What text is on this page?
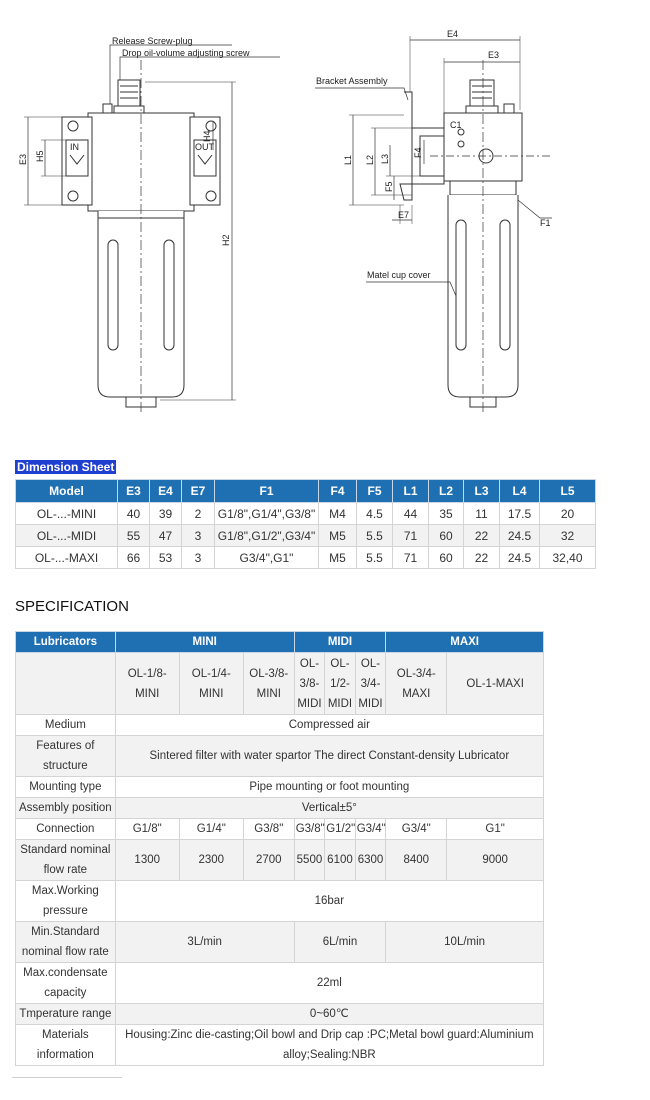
Release Screw-plug
Drop oil-volume adjusting screw
IN	OUT
E3 H5
H4
H2
Bracket Assembly
Matel cup cover
E4
E3
C1
L1 L2 L3
F4
F5
E7
F1
Dimension Sheet
Model	E3	E4	E7	F1	F4	F5	L1	L2	L3	L4	L5
OL-...-MINI	40	39	2	G1/8",G1/4",G3/8"	M4	4.5	44	35	11	17.5	20
OL-...-MIDI	55	47	3	G1/8",G1/2",G3/4"	M5	5.5	71	60	22	24.5	32
OL-...-MAXI	66	53	3	G3/4",G1"	M5	5.5	71	60	22	24.5	32,40
SPECIFICATION
Lubricators	MINI			MIDI			MAXI	
	OL-1/8-MINI	OL-1/4-MINI	OL-3/8-MINI	OL-3/8-MIDI	OL-1/2-MIDI	OL-3/4-MIDI	OL-3/4-MAXI	OL-1-MAXI
Medium	Compressed air							
Features of structure	Sintered filter with water spartor The direct Constant-density Lubricator							
Mounting type	Pipe mounting or foot mounting							
Assembly position	Vertical±5°							
Connection	G1/8"	G1/4"	G3/8"	G3/8"	G1/2"	G3/4"	G3/4"	G1"
Standard nominal flow rate	1300	2300	2700	5500	6100	6300	8400	9000
Max.Working pressure	16bar							
Min.Standard nominal flow rate	3L/min			6L/min			10L/min	
Max.condensate capacity	22ml							
Tmperature range	0~60℃							
Materials information	Housing:Zinc die-casting;Oil bowl and Drip cap :PC;Metal bowl guard:Aluminium alloy;Sealing:NBR							
